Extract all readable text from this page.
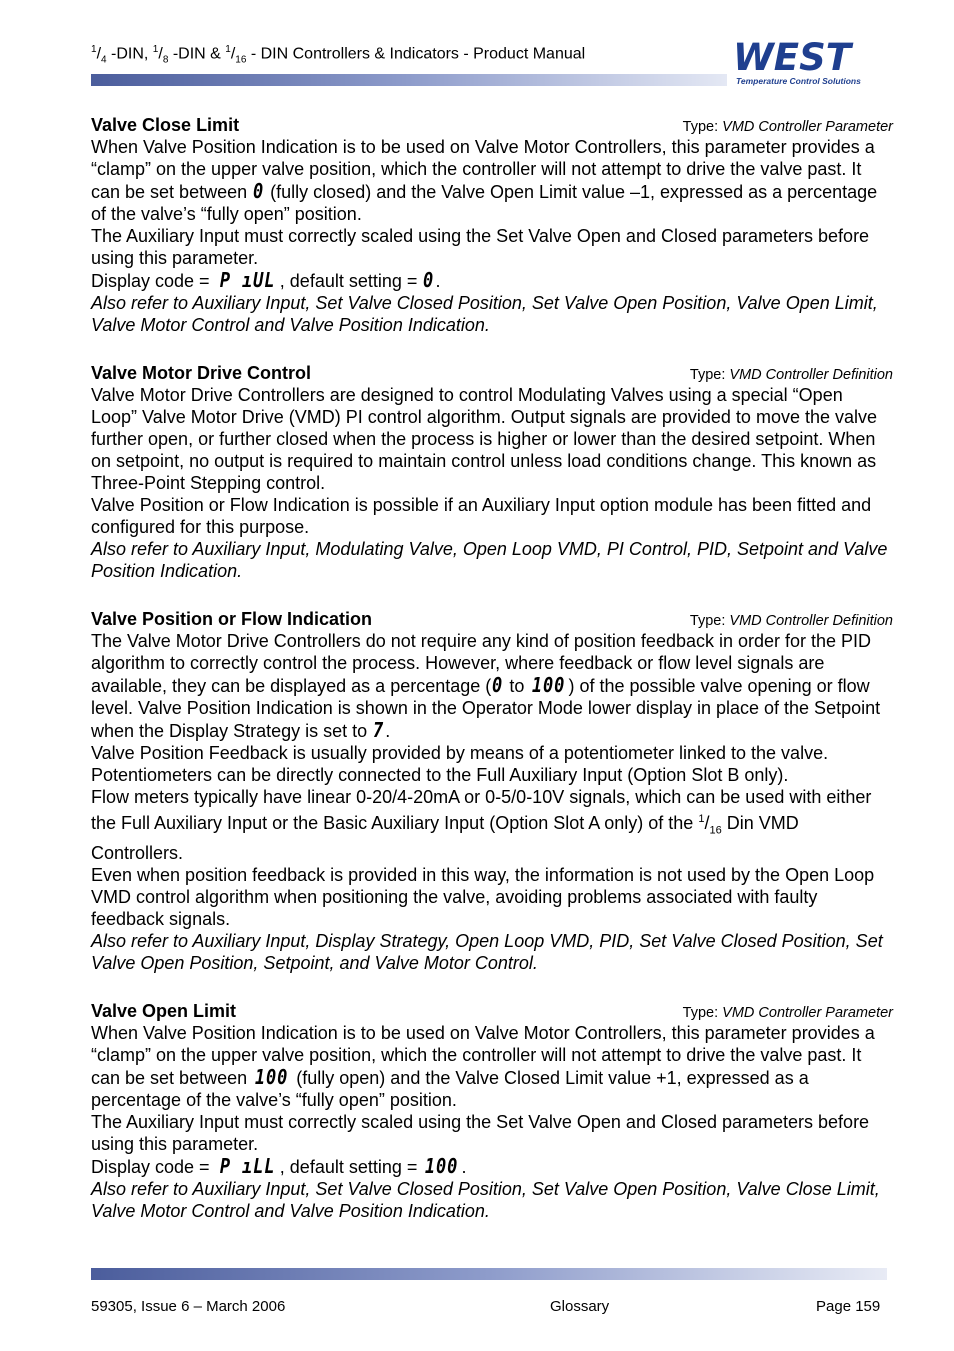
$^1/_4$ -DIN, $^1/_8$ -DIN & $^1/_{16}$ - DIN Controllers & Indicators - Product Manual	WEST
Temperature Control Solutions
Valve Close Limit	Type: VMD Controller Parameter

When Valve Position Indication is to be used on Valve Motor Controllers, this parameter provides a “clamp” on the upper valve position, which the controller will not attempt to drive the valve past. It can be set between 0 (fully closed) and the Valve Open Limit value –1, expressed as a percentage of the valve’s “fully open” position.

The Auxiliary Input must correctly scaled using the Set Valve Open and Closed parameters before using this parameter.

Display code = P ıUL , default setting = 0.

Also refer to Auxiliary Input, Set Valve Closed Position, Set Valve Open Position, Valve Open Limit, Valve Motor Control and Valve Position Indication.

Valve Motor Drive Control	Type: VMD Controller Definition

Valve Motor Drive Controllers are designed to control Modulating Valves using a special “Open Loop” Valve Motor Drive (VMD) PI control algorithm. Output signals are provided to move the valve further open, or further closed when the process is higher or lower than the desired setpoint. When on setpoint, no output is required to maintain control unless load conditions change. This known as Three-Point Stepping control.

Valve Position or Flow Indication is possible if an Auxiliary Input option module has been fitted and configured for this purpose.

Also refer to Auxiliary Input, Modulating Valve, Open Loop VMD, PI Control, PID, Setpoint and Valve Position Indication.

Valve Position or Flow Indication	Type: VMD Controller Definition

The Valve Motor Drive Controllers do not require any kind of position feedback in order for the PID algorithm to correctly control the process. However, where feedback or flow level signals are available, they can be displayed as a percentage (0 to 100 ) of the possible valve opening or flow level. Valve Position Indication is shown in the Operator Mode lower display in place of the Setpoint when the Display Strategy is set to 7.

Valve Position Feedback is usually provided by means of a potentiometer linked to the valve. Potentiometers can be directly connected to the Full Auxiliary Input (Option Slot B only).

Flow meters typically have linear 0-20/4-20mA or 0-5/0-10V signals, which can be used with either the Full Auxiliary Input or the Basic Auxiliary Input (Option Slot A only) of the $^1/_{16}$ Din VMD Controllers.

Even when position feedback is provided in this way, the information is not used by the Open Loop VMD control algorithm when positioning the valve, avoiding problems associated with faulty feedback signals.

Also refer to Auxiliary Input, Display Strategy, Open Loop VMD, PID, Set Valve Closed Position, Set Valve Open Position, Setpoint, and Valve Motor Control.

Valve Open Limit	Type: VMD Controller Parameter

When Valve Position Indication is to be used on Valve Motor Controllers, this parameter provides a “clamp” on the upper valve position, which the controller will not attempt to drive the valve past. It can be set between 100 (fully open) and the Valve Closed Limit value +1, expressed as a percentage of the valve’s “fully open” position.

The Auxiliary Input must correctly scaled using the Set Valve Open and Closed parameters before using this parameter.

Display code = P ıLL , default setting = 100 .

Also refer to Auxiliary Input, Set Valve Closed Position, Set Valve Open Position, Valve Close Limit, Valve Motor Control and Valve Position Indication.

59305, Issue 6 – March 2006	Glossary	Page 159
